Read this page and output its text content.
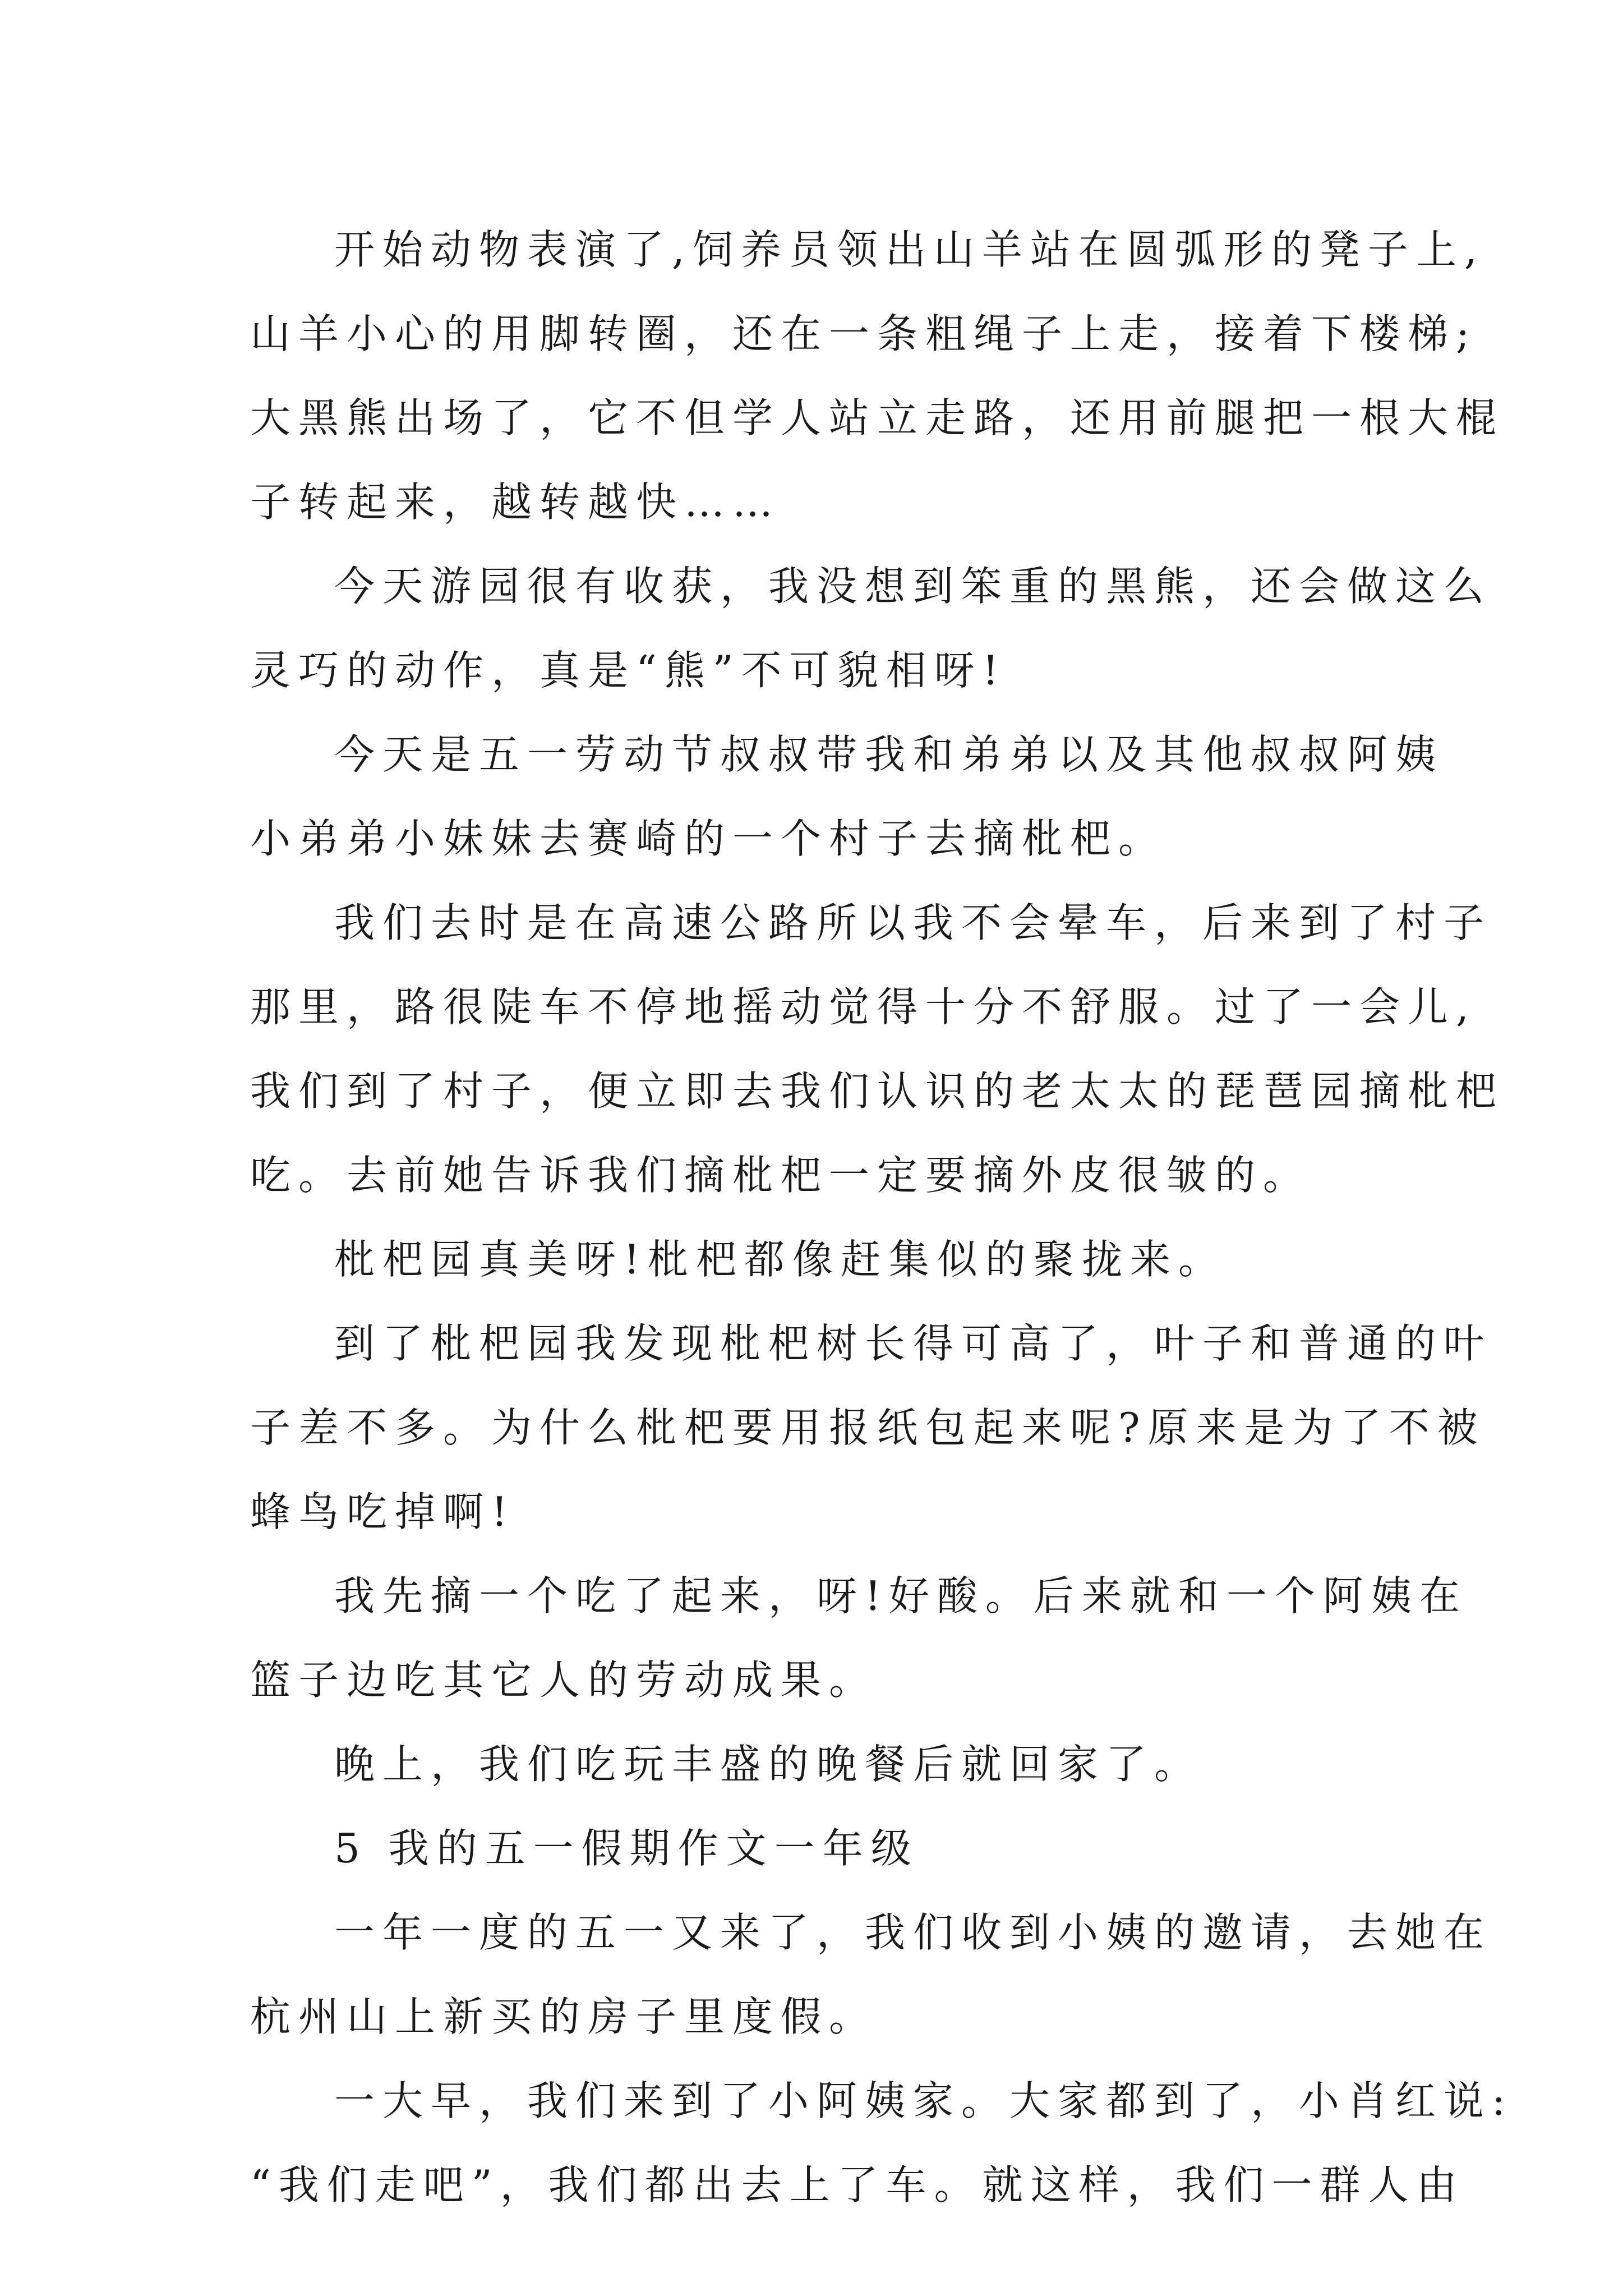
开始动物表演了,饲养员领出山羊站在圆弧形的凳子上,
山羊小心的用脚转圈，还在一条粗绳子上走，接着下楼梯;
大黑熊出场了，它不但学人站立走路，还用前腿把一根大棍
子转起来，越转越快……
今天游园很有收获，我没想到笨重的黑熊，还会做这么
灵巧的动作，真是“熊”不可貌相呀!
今天是五一劳动节叔叔带我和弟弟以及其他叔叔阿姨
小弟弟小妹妹去赛崎的一个村子去摘枇杷。
我们去时是在高速公路所以我不会晕车，后来到了村子
那里，路很陡车不停地摇动觉得十分不舒服。过了一会儿,
我们到了村子，便立即去我们认识的老太太的琵琶园摘枇杷
吃。去前她告诉我们摘枇杷一定要摘外皮很皱的。
枇杷园真美呀!枇杷都像赶集似的聚拢来。
到了枇杷园我发现枇杷树长得可高了，叶子和普通的叶
子差不多。为什么枇杷要用报纸包起来呢?原来是为了不被
蜂鸟吃掉啊!
我先摘一个吃了起来，呀!好酸。后来就和一个阿姨在
篮子边吃其它人的劳动成果。
晚上，我们吃玩丰盛的晚餐后就回家了。
5 我的五一假期作文一年级
一年一度的五一又来了，我们收到小姨的邀请，去她在
杭州山上新买的房子里度假。
一大早，我们来到了小阿姨家。大家都到了，小肖红说:
“我们走吧”，我们都出去上了车。就这样，我们一群人由
